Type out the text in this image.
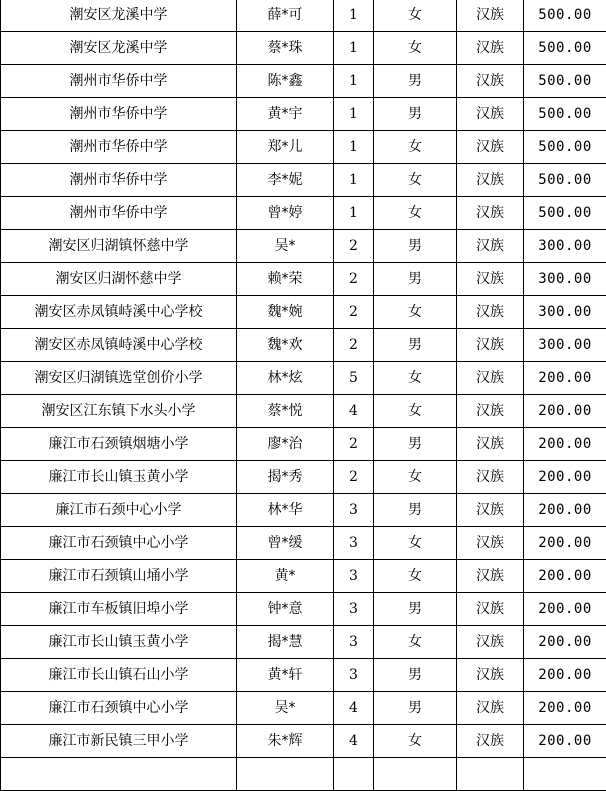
潮安区龙溪中学	薛*可	1	女	汉族	500.00
潮安区龙溪中学	蔡*珠	1	女	汉族	500.00
潮州市华侨中学	陈*鑫	1	男	汉族	500.00
潮州市华侨中学	黄*宇	1	男	汉族	500.00
潮州市华侨中学	郑*儿	1	女	汉族	500.00
潮州市华侨中学	李*妮	1	女	汉族	500.00
潮州市华侨中学	曾*婷	1	女	汉族	500.00
潮安区归湖镇怀慈中学	吴*	2	男	汉族	300.00
潮安区归湖怀慈中学	赖*荣	2	男	汉族	300.00
潮安区赤凤镇峙溪中心学校	魏*婉	2	女	汉族	300.00
潮安区赤凤镇峙溪中心学校	魏*欢	2	男	汉族	300.00
潮安区归湖镇选堂创价小学	林*炫	5	女	汉族	200.00
潮安区江东镇下水头小学	蔡*悦	4	女	汉族	200.00
廉江市石颈镇烟塘小学	廖*治	2	男	汉族	200.00
廉江市长山镇玉黄小学	揭*秀	2	女	汉族	200.00
廉江市石颈中心小学	林*华	3	男	汉族	200.00
廉江市石颈镇中心小学	曾*缓	3	女	汉族	200.00
廉江市石颈镇山埇小学	黄*	3	女	汉族	200.00
廉江市车板镇旧埠小学	钟*意	3	男	汉族	200.00
廉江市长山镇玉黄小学	揭*慧	3	女	汉族	200.00
廉江市长山镇石山小学	黄*轩	3	男	汉族	200.00
廉江市石颈镇中心小学	吴*	4	男	汉族	200.00
廉江市新民镇三甲小学	朱*辉	4	女	汉族	200.00
